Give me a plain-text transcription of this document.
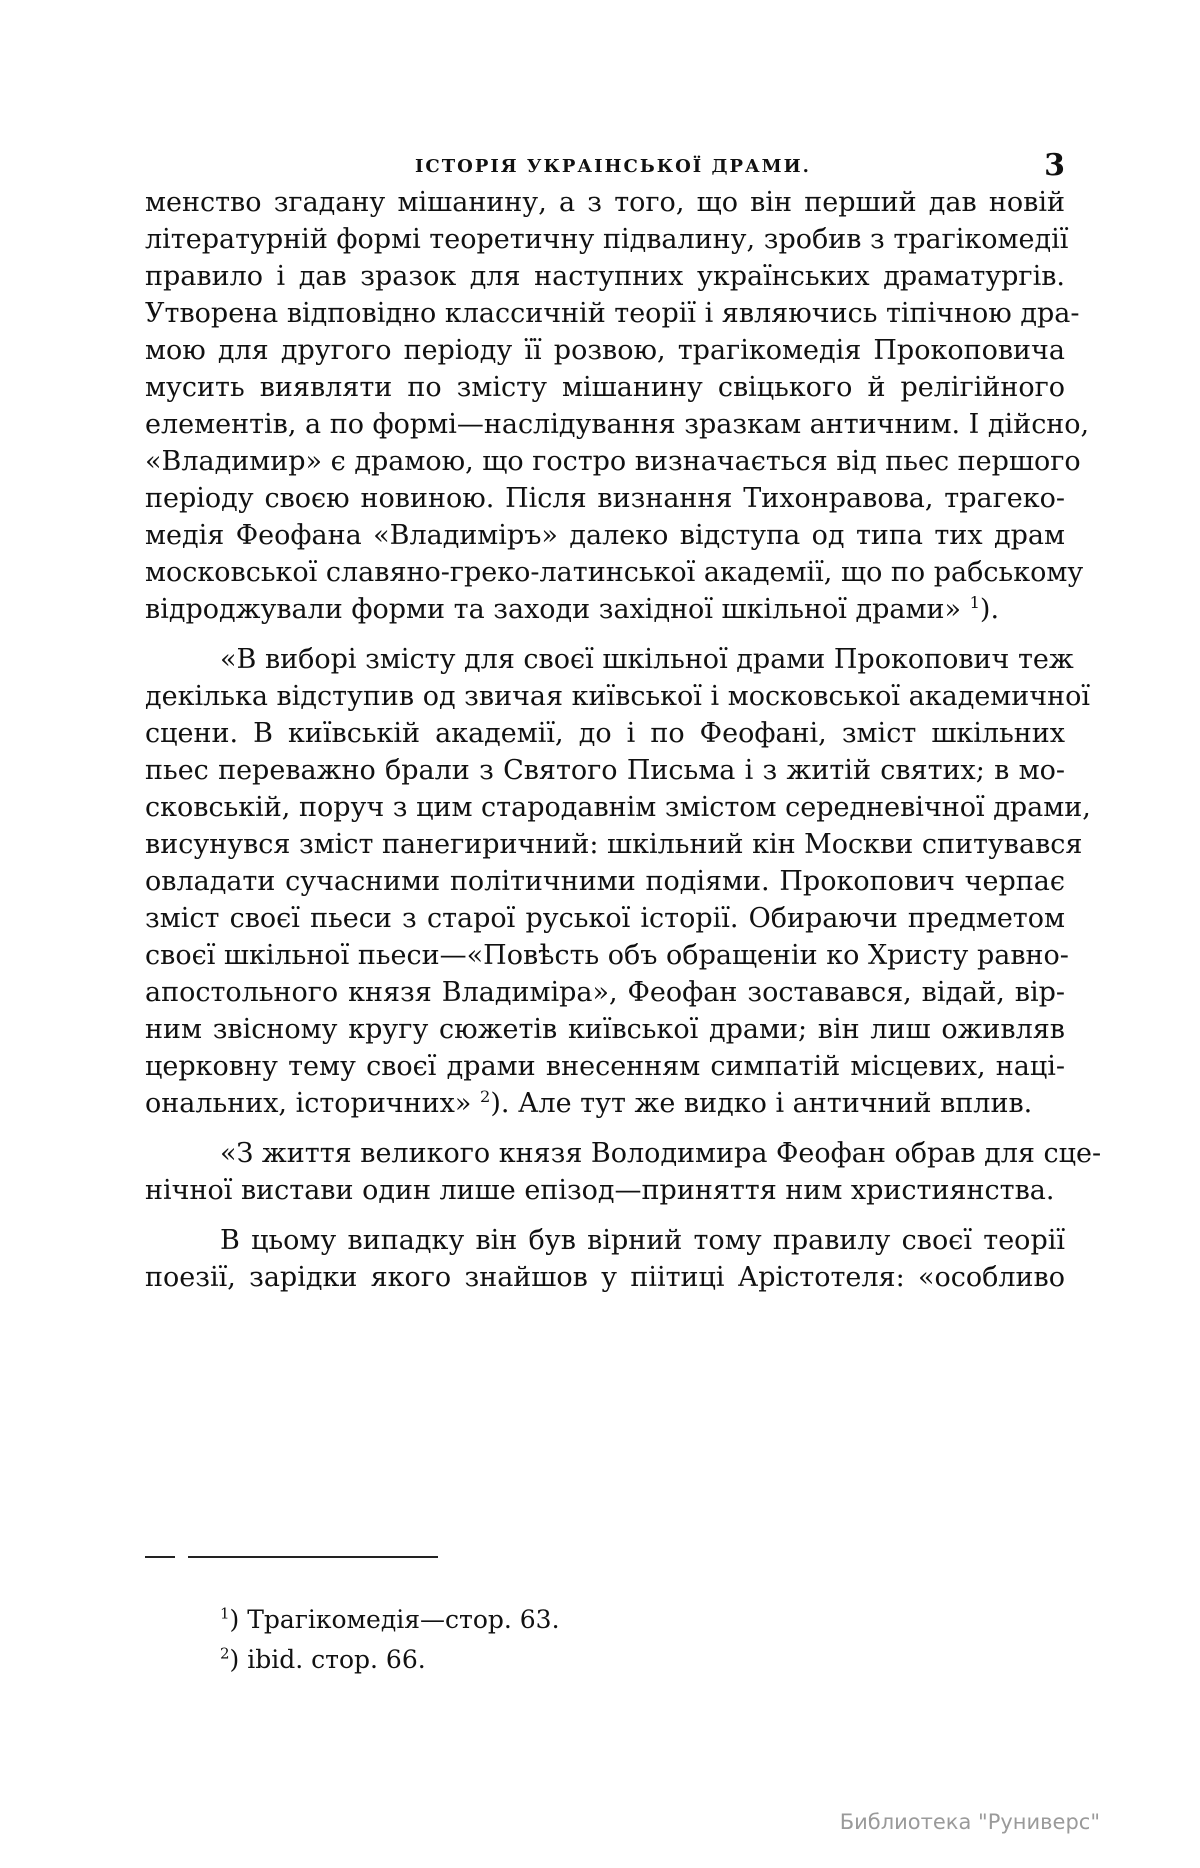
ІСТОРІЯ УКРАІНСЬКОЇ ДРАМИ.	3
менство згадану мішанину, а з того, що він перший дав новій
літературній формі теоретичну підвалину, зробив з трагікомедії
правило і дав зразок для наступних українських драматургів.
Утворена відповідно классичній теорії і являючись тіпічною дра-
мою для другого періоду її розвою, трагікомедія Прокоповича
мусить виявляти по змісту мішанину свіцького й релігійного
елементів, а по формі—наслідування зразкам античним. І дійсно,
«Владимир» є драмою, що гостро визначається від пьес першого
періоду своєю новиною. Після визнання Тихонравова, трагеко-
медія Феофана «Владиміръ» далеко відступа од типа тих драм
московської славяно-греко-латинської академії, що по рабському
відроджували форми та заходи західної шкільної драми» $^1$).
«В виборі змісту для своєї шкільної драми Прокопович теж
декілька відступив од звичая київської і московської академичної
сцени. В київській академії, до і по Феофані, зміст шкільних
пьес переважно брали з Святого Письма і з житій святих; в мо-
сковській, поруч з цим стародавнім змістом середневічної драми,
висунувся зміст панегиричний: шкільний кін Москви спитувався
овладати сучасними політичними подіями. Прокопович черпає
зміст своєї пьеси з старої руської історії. Обираючи предметом
своєї шкільної пьеси—«Повѣсть объ обращеніи ко Христу равно-
апостольного князя Владиміра», Феофан зоставався, відай, вір-
ним звісному кругу сюжетів київської драми; він лиш оживляв
церковну тему своєї драми внесенням симпатій місцевих, наці-
ональних, історичних» $^2$). Але тут же видко і античний вплив.
«З життя великого князя Володимира Феофан обрав для сце-
нічної вистави один лише епізод—приняття ним християнства.
В цьому випадку він був вірний тому правилу своєї теорії
поезії, зарідки якого знайшов у піітиці Арістотеля: «особливо
$^1$) Трагікомедія—стор. 63.
$^2$) ibid. стор. 66.
Библиотека "Руниверс"
